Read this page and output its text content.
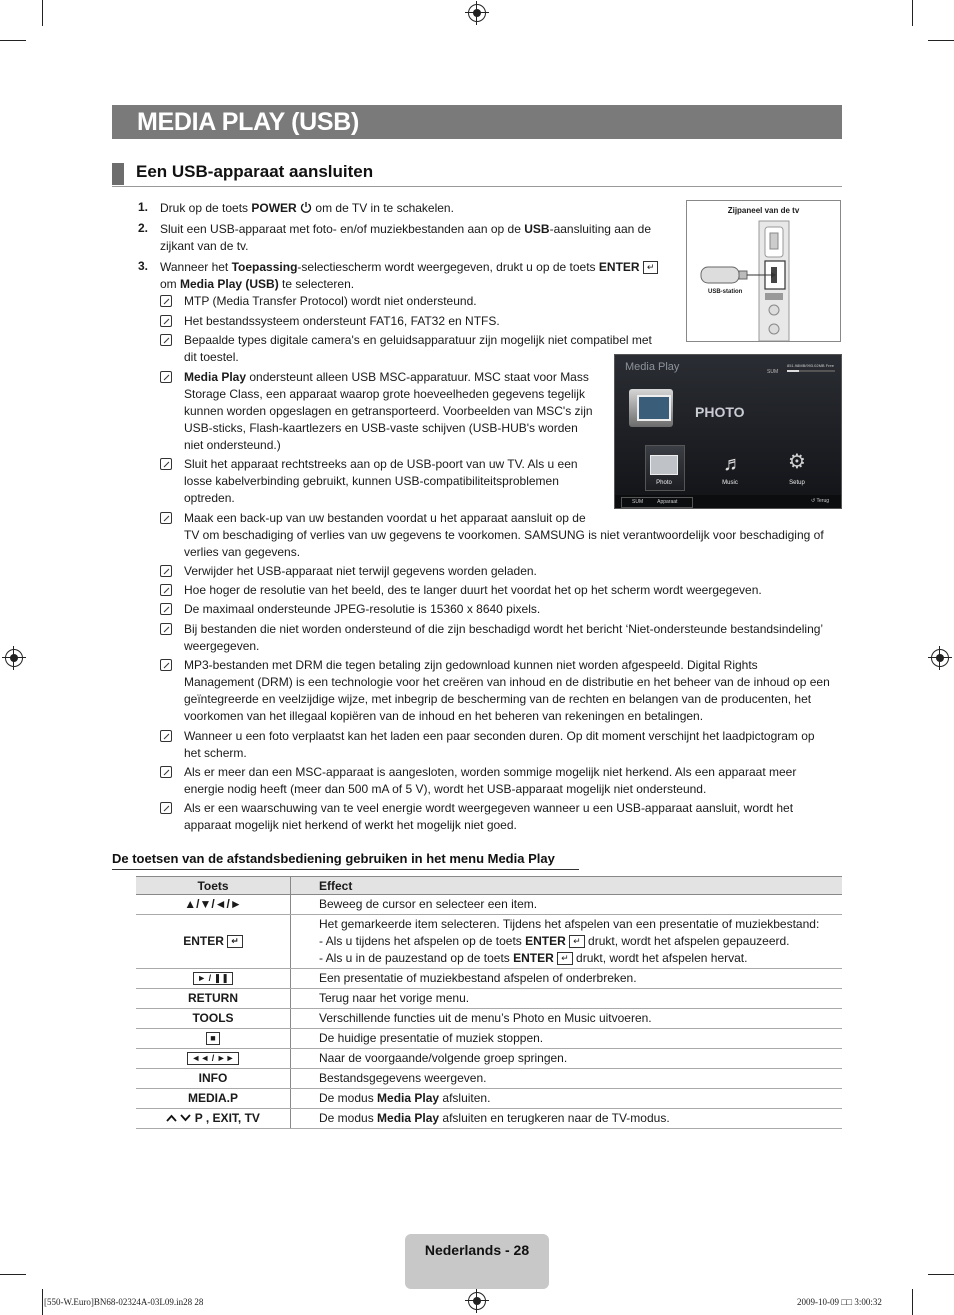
MEDIA PLAY (USB)
Een USB-apparaat aansluiten
1. Druk op de toets POWER  om de TV in te schakelen.
2. Sluit een USB-apparaat met foto- en/of muziekbestanden aan op de USB-aansluiting aan de
zijkant van de tv.
3. Wanneer het Toepassing-selectiescherm wordt weergegeven, drukt u op de toets ENTER ↵
om Media Play (USB) te selecteren.
MTP (Media Transfer Protocol) wordt niet ondersteund.
Het bestandssysteem ondersteunt FAT16, FAT32 en NTFS.
Bepaalde types digitale camera's en geluidsapparatuur zijn mogelijk niet compatibel met
dit toestel.
Media Play ondersteunt alleen USB MSC-apparatuur. MSC staat voor Mass
Storage Class, een apparaat waarop grote hoeveelheden gegevens tegelijk
kunnen worden opgeslagen en getransporteerd. Voorbeelden van MSC's zijn
USB-sticks, Flash-kaartlezers en USB-vaste schijven (USB-HUB's worden
niet ondersteund.)
Sluit het apparaat rechtstreeks aan op de USB-poort van uw TV. Als u een
losse kabelverbinding gebruikt, kunnen USB-compatibiliteitsproblemen
optreden.
Maak een back-up van uw bestanden voordat u het apparaat aansluit op de
TV om beschadiging of verlies van uw gegevens te voorkomen. SAMSUNG is niet verantwoordelijk voor beschadiging of
verlies van gegevens.
Verwijder het USB-apparaat niet terwijl gegevens worden geladen.
Hoe hoger de resolutie van het beeld, des te langer duurt het voordat het op het scherm wordt weergegeven.
De maximaal ondersteunde JPEG-resolutie is 15360 x 8640 pixels.
Bij bestanden die niet worden ondersteund of die zijn beschadigd wordt het bericht ‘Niet-ondersteunde bestandsindeling’
weergegeven.
MP3-bestanden met DRM die tegen betaling zijn gedownload kunnen niet worden afgespeeld. Digital Rights
Management (DRM) is een technologie voor het creëren van inhoud en de distributie en het beheer van de inhoud op een
geïntegreerde en veelzijdige wijze, met inbegrip de bescherming van de rechten en belangen van de producenten, het
voorkomen van het illegaal kopiëren van de inhoud en het beheren van rekeningen en betalingen.
Wanneer u een foto verplaatst kan het laden een paar seconden duren. Op dit moment verschijnt het laadpictogram op
het scherm.
Als er meer dan een MSC-apparaat is aangesloten, worden sommige mogelijk niet herkend. Als een apparaat meer
energie nodig heeft (meer dan 500 mA of 5 V), wordt het USB-apparaat mogelijk niet ondersteund.
Als er een waarschuwing van te veel energie wordt weergegeven wanneer u een USB-apparaat aansluit, wordt het
apparaat mogelijk niet herkend of werkt het mogelijk niet goed.
Zijpaneel van de tv
USB-station
Media Play	SUM
851.98MB/993.02MB Free
PHOTO
♬ ⚙
Photo	Music	Setup
SUM	Apparaat	↺ Terug
De toetsen van de afstandsbediening gebruiken in het menu Media Play
Toets	Effect
▲/▼/◄/►	Beweeg de cursor en selecteer een item.
ENTER ↵	Het gemarkeerde item selecteren. Tijdens het afspelen van een presentatie of muziekbestand:
- Als u tijdens het afspelen op de toets ENTER ↵ drukt, wordt het afspelen gepauzeerd.
- Als u in de pauzestand op de toets ENTER ↵ drukt, wordt het afspelen hervat.
► / ❚❚	Een presentatie of muziekbestand afspelen of onderbreken.
RETURN	Terug naar het vorige menu.
TOOLS	Verschillende functies uit de menu’s Photo en Music uitvoeren.
■	De huidige presentatie of muziek stoppen.
◄◄ / ►►	Naar de voorgaande/volgende groep springen.
INFO	Bestandsgegevens weergeven.
MEDIA.P	De modus Media Play afsluiten.
P , EXIT, TV	De modus Media Play afsluiten en terugkeren naar de TV-modus.
Nederlands - 28
[550-W.Euro]BN68-02324A-03L09.in28 28	2009-10-09 □□ 3:00:32
